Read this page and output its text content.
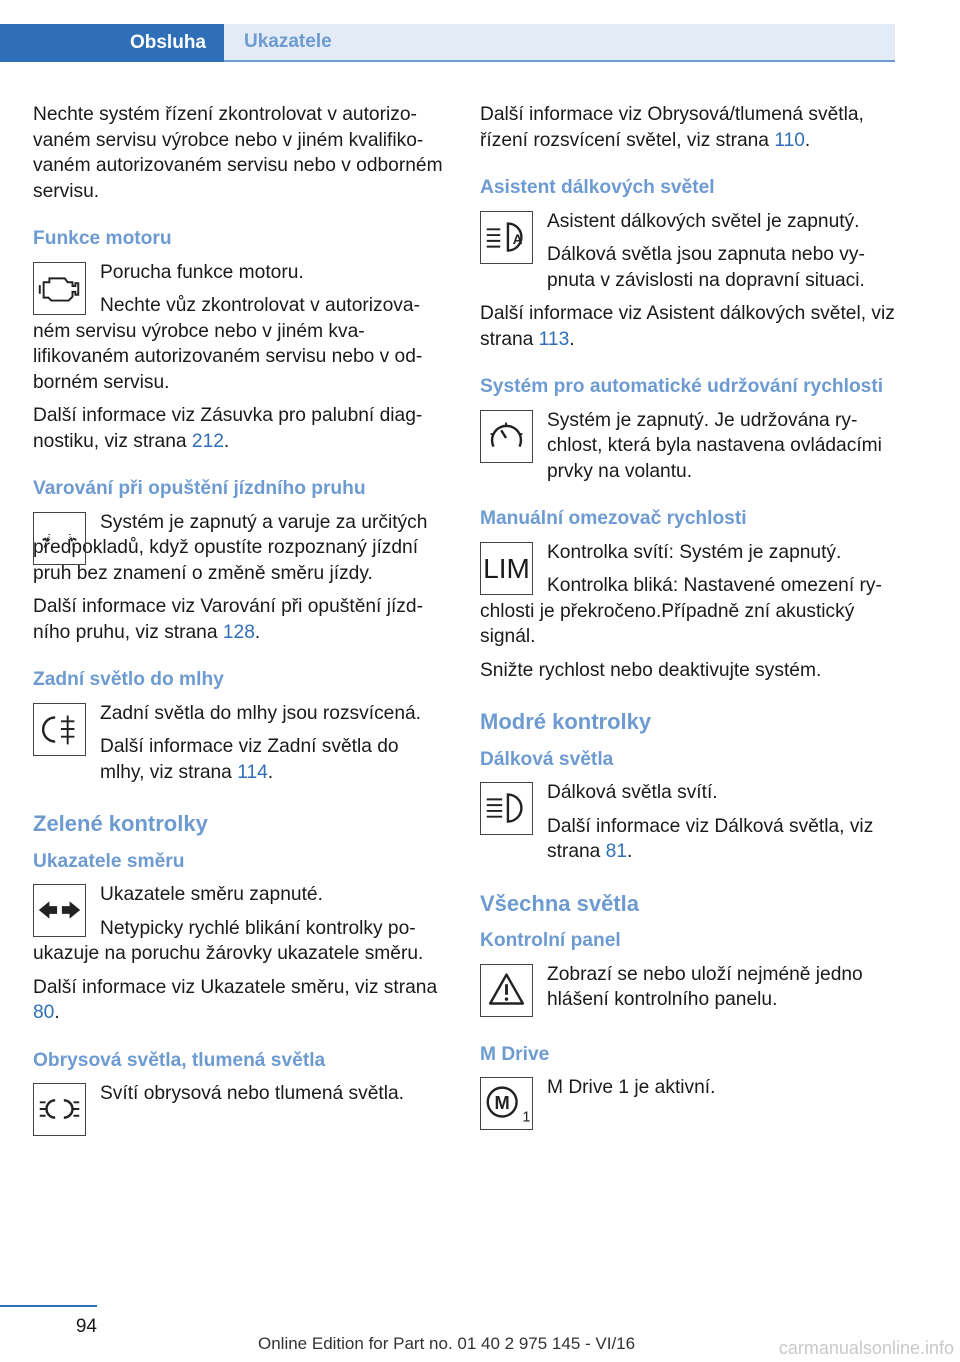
Obsluha	Ukazatele

Nechte systém řízení zkontrolovat v autorizovaném servisu výrobce nebo v jiném kvalifikovaném autorizovaném servisu nebo v odborném servisu.

Funkce motoru

Porucha funkce motoru.

Nechte vůz zkontrolovat v autorizovaném servisu výrobce nebo v jiném kvalifikovaném autorizovaném servisu nebo v odborném servisu.

Další informace viz Zásuvka pro palubní diagnostiku, viz strana 212.

Varování při opuštění jízdního pruhu

Systém je zapnutý a varuje za určitých předpokladů, když opustíte rozpoznaný jízdní pruh bez znamení o změně směru jízdy.

Další informace viz Varování při opuštění jízdního pruhu, viz strana 128.

Zadní světlo do mlhy

Zadní světla do mlhy jsou rozsvícená.

Další informace viz Zadní světla do mlhy, viz strana 114.

Zelené kontrolky
Ukazatele směru

Ukazatele směru zapnuté.

Netypicky rychlé blikání kontrolky poukazuje na poruchu žárovky ukazatele směru.

Další informace viz Ukazatele směru, viz strana 80.

Obrysová světla, tlumená světla

Svítí obrysová nebo tlumená světla.

Další informace viz Obrysová/tlumená světla, řízení rozsvícení světel, viz strana 110.

Asistent dálkových světel
A

Asistent dálkových světel je zapnutý.

Dálková světla jsou zapnuta nebo vypnuta v závislosti na dopravní situaci.

Další informace viz Asistent dálkových světel, viz strana 113.

Systém pro automatické udržování rychlosti

Systém je zapnutý. Je udržována rychlost, která byla nastavena ovládacími prvky na volantu.

Manuální omezovač rychlosti
LIM

Kontrolka svítí: Systém je zapnutý.

Kontrolka bliká: Nastavené omezení rychlosti je překročeno.Případně zní akustický signál.

Snižte rychlost nebo deaktivujte systém.

Modré kontrolky
Dálková světla

Dálková světla svítí.

Další informace viz Dálková světla, viz strana 81.

Všechna světla
Kontrolní panel

Zobrazí se nebo uloží nejméně jedno hlášení kontrolního panelu.

M Drive
M
1

M Drive 1 je aktivní.

94
Online Edition for Part no. 01 40 2 975 145 - VI/16	carmanualsonline.info
